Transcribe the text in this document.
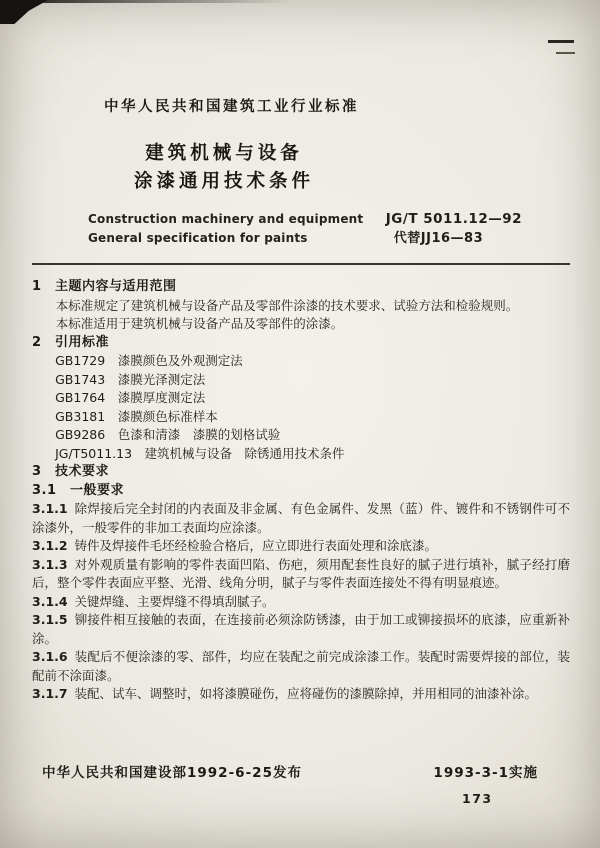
中华人民共和国建筑工业行业标准
建筑机械与设备
涂漆通用技术条件
Construction machinery and equipment
General specification for paints
JG/T 5011.12—92
代替JJ16—83

1　主题内容与适用范围

本标准规定了建筑机械与设备产品及零部件涂漆的技术要求、试验方法和检验规则。

本标准适用于建筑机械与设备产品及零部件的涂漆。

2　引用标准

GB1729　漆膜颜色及外观测定法

GB1743　漆膜光泽测定法

GB1764　漆膜厚度测定法

GB3181　漆膜颜色标准样本

GB9286　色漆和清漆　漆膜的划格试验

JG/T5011.13　建筑机械与设备　除锈通用技术条件

3　技术要求

3.1　一般要求

3.1.1 除焊接后完全封闭的内表面及非金属、有色金属件、发黑（蓝）件、镀件和不锈钢件可不涂漆外，一般零件的非加工表面均应涂漆。

3.1.2 铸件及焊接件毛坯经检验合格后，应立即进行表面处理和涂底漆。

3.1.3 对外观质量有影响的零件表面凹陷、伤疤，须用配套性良好的腻子进行填补，腻子经打磨后，整个零件表面应平整、光滑、线角分明，腻子与零件表面连接处不得有明显痕迹。

3.1.4 关键焊缝、主要焊缝不得填刮腻子。

3.1.5 铆接件相互接触的表面，在连接前必须涂防锈漆，由于加工或铆接损坏的底漆，应重新补涂。

3.1.6 装配后不便涂漆的零、部件，均应在装配之前完成涂漆工作。装配时需要焊接的部位，装配前不涂面漆。

3.1.7 装配、试车、调整时，如将漆膜碰伤，应将碰伤的漆膜除掉，并用相同的油漆补涂。

中华人民共和国建设部1992-6-25发布	1993-3-1实施
173
